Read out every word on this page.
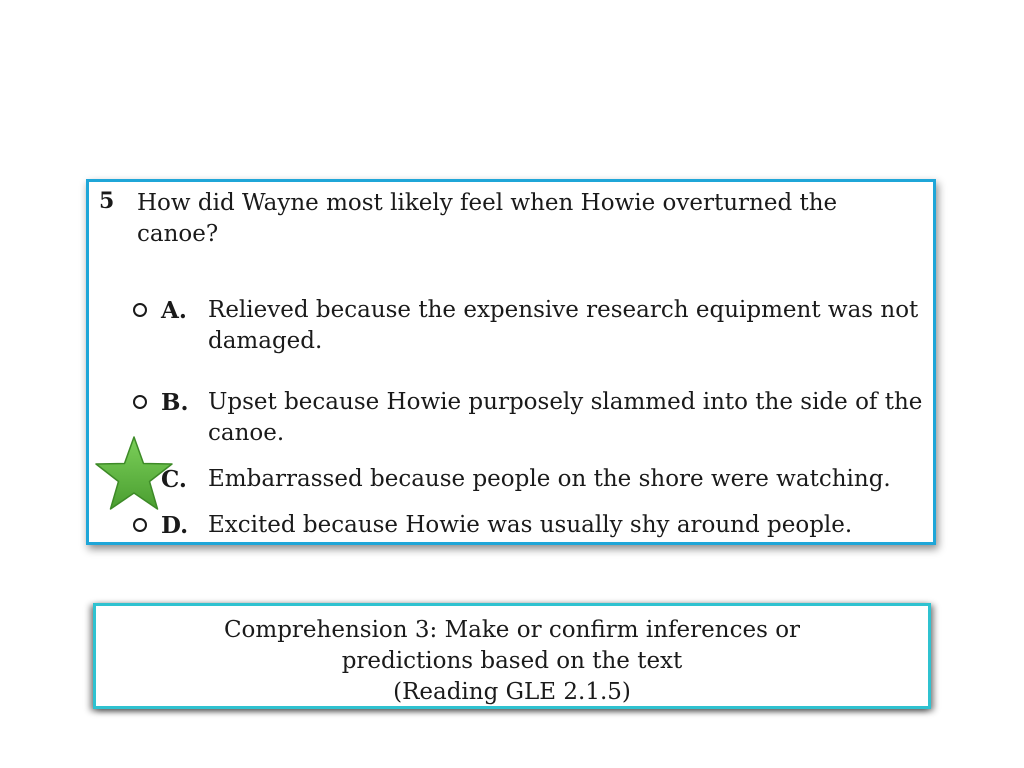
5 How did Wayne most likely feel when Howie overturned the canoe?
A. Relieved because the expensive research equipment was not damaged.
B. Upset because Howie purposely slammed into the side of the canoe.
C. Embarrassed because people on the shore were watching.
D. Excited because Howie was usually shy around people.
Comprehension 3: Make or confirm inferences or
predictions based on the text
(Reading GLE 2.1.5)
